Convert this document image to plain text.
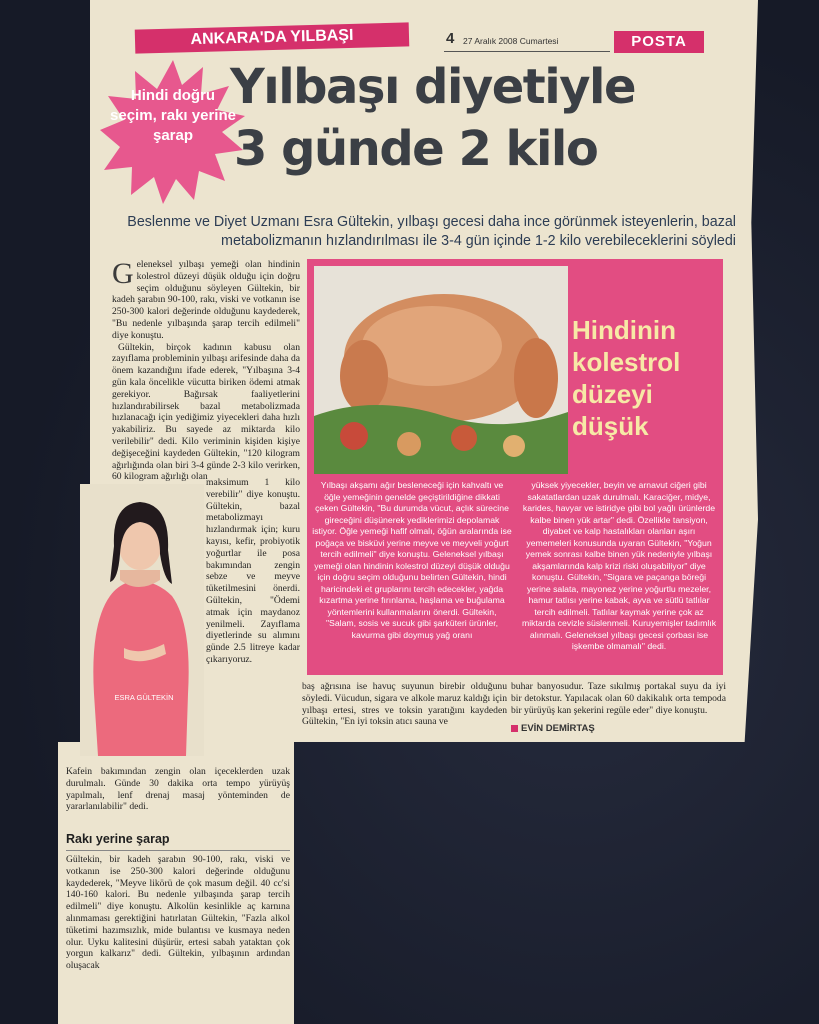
ANKARA'DA YILBAŞI	4 27 Aralık 2008 Cumartesi	POSTA
Hindi doğru seçim, rakı yerine şarap
Yılbaşı diyetiyle
3 günde 2 kilo
Beslenme ve Diyet Uzmanı Esra Gültekin, yılbaşı gecesi daha ince görünmek isteyenlerin, bazal metabolizmanın hızlandırılması ile 3-4 gün içinde 1-2 kilo verebileceklerini söyledi
G eleneksel yılbaşı yemeği olan hindinin kolestrol düzeyi düşük olduğu için doğru seçim olduğunu söyleyen Gültekin, bir kadeh şarabın 90-100, rakı, viski ve votkanın ise 250-300 kalori değerinde olduğunu kaydederek, "Bu nedenle yılbaşında şarap tercih edilmeli" diye konuştu.

Gültekin, birçok kadının kabusu olan zayıflama probleminin yılbaşı arifesinde daha da önem kazandığını ifade ederek, "Yılbaşına 3-4 gün kala öncelikle vücutta biriken ödemi atmak gerekiyor. Bağırsak faaliyetlerini hızlandırabilirsek bazal metabolizmada hızlanacağı için yediğimiz yiyecekleri daha hızlı yakabiliriz. Bu sayede az miktarda kilo verilebilir" dedi. Kilo veriminin kişiden kişiye değişeceğini kaydeden Gültekin, "120 kilogram ağırlığında olan biri 3-4 günde 2-3 kilo verirken, 60 kilogram ağırlığı olan

maksimum 1 kilo verebilir" diye konuştu. Gültekin, bazal metabolizmayı hızlandırmak için; kuru kayısı, kefir, probiyotik yoğurtlar ile posa bakımından zengin sebze ve meyve tüketilmesini önerdi. Gültekin, "Ödemi atmak için maydanoz yenilmeli. Zayıflama diyetlerinde su alımını günde 2.5 litreye kadar çıkarıyoruz.
ESRA GÜLTEKİN
Kafein bakımından zengin olan içeceklerden uzak durulmalı. Günde 30 dakika orta tempo yürüyüş yapılmalı, lenf drenaj masaj yönteminden de yararlanılabilir" dedi.
Rakı yerine şarap
Gültekin, bir kadeh şarabın 90-100, rakı, viski ve votkanın ise 250-300 kalori değerinde olduğunu kaydederek, "Meyve likörü de çok masum değil. 40 cc'si 140-160 kalori. Bu nedenle yılbaşında şarap tercih edilmeli" diye konuştu. Alkolün kesinlikle aç karnına alınmaması gerektiğini hatırlatan Gültekin, "Fazla alkol tüketimi hazımsızlık, mide bulantısı ve kusmaya neden olur. Uyku kalitesini düşürür, ertesi sabah yataktan çok yorgun kalkarız" dedi. Gültekin, yılbaşının ardından oluşacak
Hindinin kolestrol düzeyi düşük
Yılbaşı akşamı ağır besleneceği için kahvaltı ve öğle yemeğinin genelde geçiştirildiğine dikkati çeken Gültekin, "Bu durumda vücut, açlık sürecine gireceğini düşünerek yediklerimizi depolamak istiyor. Öğle yemeği hafif olmalı, öğün aralarında ise poğaça ve bisküvi yerine meyve ve meyveli yoğurt tercih edilmeli" diye konuştu. Geleneksel yılbaşı yemeği olan hindinin kolestrol düzeyi düşük olduğu için doğru seçim olduğunu belirten Gültekin, hindi haricindeki et gruplarını tercih edecekler, yağda kızartma yerine fırınlama, haşlama ve buğulama yöntemlerini kullanmalarını önerdi. Gültekin, "Salam, sosis ve sucuk gibi şarküteri ürünler, kavurma gibi doymuş yağ oranı
yüksek yiyecekler, beyin ve arnavut ciğeri gibi sakatatlardan uzak durulmalı. Karaciğer, midye, karides, havyar ve istiridye gibi bol yağlı ürünlerde kalbe binen yük artar" dedi. Özellikle tansiyon, diyabet ve kalp hastalıkları olanları aşırı yememeleri konusunda uyaran Gültekin, "Yoğun yemek sonrası kalbe binen yük nedeniyle yılbaşı akşamlarında kalp krizi riski oluşabiliyor" diye konuştu. Gültekin, "Sigara ve paçanga böreği yerine salata, mayonez yerine yoğurtlu mezeler, hamur tatlısı yerine kabak, ayva ve sütlü tatlılar tercih edilmeli. Tatlılar kaymak yerine çok az miktarda cevizle süslenmeli. Kuruyemişler tadımlık alınmalı. Geleneksel yılbaşı gecesi çorbası ise işkembe olmamalı" dedi.
baş ağrısına ise havuç suyunun birebir olduğunu söyledi. Vücudun, sigara ve alkole maruz kaldığı için yılbaşı ertesi, stres ve toksin yaratığını kaydeden Gültekin, "En iyi toksin atıcı sauna ve
buhar banyosudur. Taze sıkılmış portakal suyu da iyi bir detokstur. Yapılacak olan 60 dakikalık orta tempoda bir yürüyüş kan şekerini regüle eder" diye konuştu.
EVİN DEMİRTAŞ
